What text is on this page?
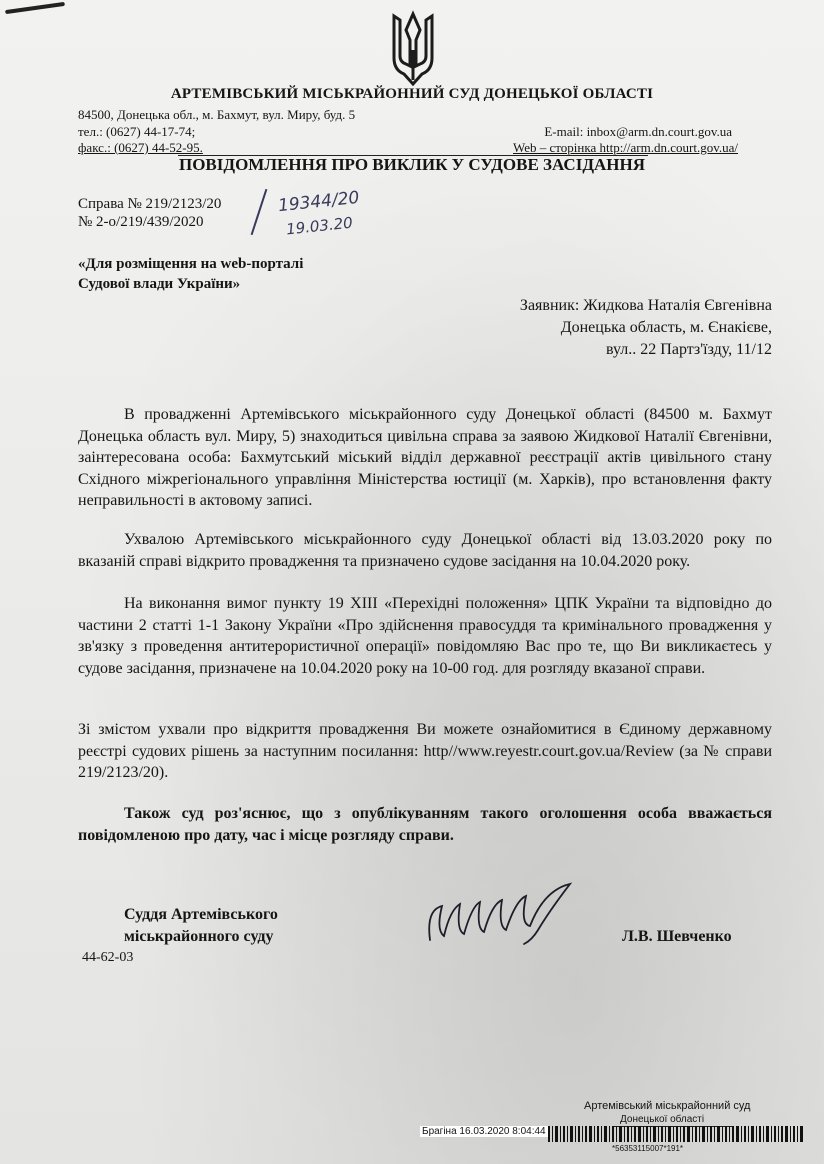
АРТЕМІВСЬКИЙ МІСЬКРАЙОННИЙ СУД ДОНЕЦЬКОЇ ОБЛАСТІ
84500, Донецька обл., м. Бахмут, вул. Миру, буд. 5
тел.: (0627) 44-17-74;
факс.: (0627) 44-52-95.
E-mail: inbox@arm.dn.court.gov.ua
Web – сторінка http://arm.dn.court.gov.ua/
ПОВІДОМЛЕННЯ ПРО ВИКЛИК У СУДОВЕ ЗАСІДАННЯ
Справа № 219/2123/20
№ 2-о/219/439/2020
19344/20
19.03.20
«Для розміщення на web-порталі
Судової влади України»
Заявник: Жидкова Наталія Євгенівна
Донецька область, м. Єнакієве,
вул.. 22 Партз'їзду, 11/12
В провадженні Артемівського міськрайонного суду Донецької області (84500 м. Бахмут Донецька область вул. Миру, 5) знаходиться цивільна справа за заявою Жидкової Наталії Євгенівни, заінтересована особа: Бахмутський міський відділ державної реєстрації актів цивільного стану Східного міжрегіонального управління Міністерства юстиції (м. Харків), про встановлення факту неправильності в актовому записі.
Ухвалою Артемівського міськрайонного суду Донецької області від 13.03.2020 року по вказаній справі відкрито провадження та призначено судове засідання на 10.04.2020 року.
На виконання вимог пункту 19 XIII «Перехідні положення» ЦПК України та відповідно до частини 2 статті 1-1 Закону України «Про здійснення правосуддя та кримінального провадження у зв'язку з проведення антитерористичної операції» повідомляю Вас про те, що Ви викликаєтесь у судове засідання, призначене на 10.04.2020 року на 10-00 год. для розгляду вказаної справи.
Зі змістом ухвали про відкриття провадження Ви можете ознайомитися в Єдиному державному реєстрі судових рішень за наступним посилання: http//www.reyestr.court.gov.ua/Review (за № справи 219/2123/20).
Також суд роз'яснює, що з опублікуванням такого оголошення особа вважається повідомленою про дату, час і місце розгляду справи.
Суддя Артемівського
міськрайонного суду	Л.В. Шевченко
44-62-03
Артемівський міськрайонний суд
Донецької області
Брагіна 16.03.2020 8:04:44
*56353115007*191*
